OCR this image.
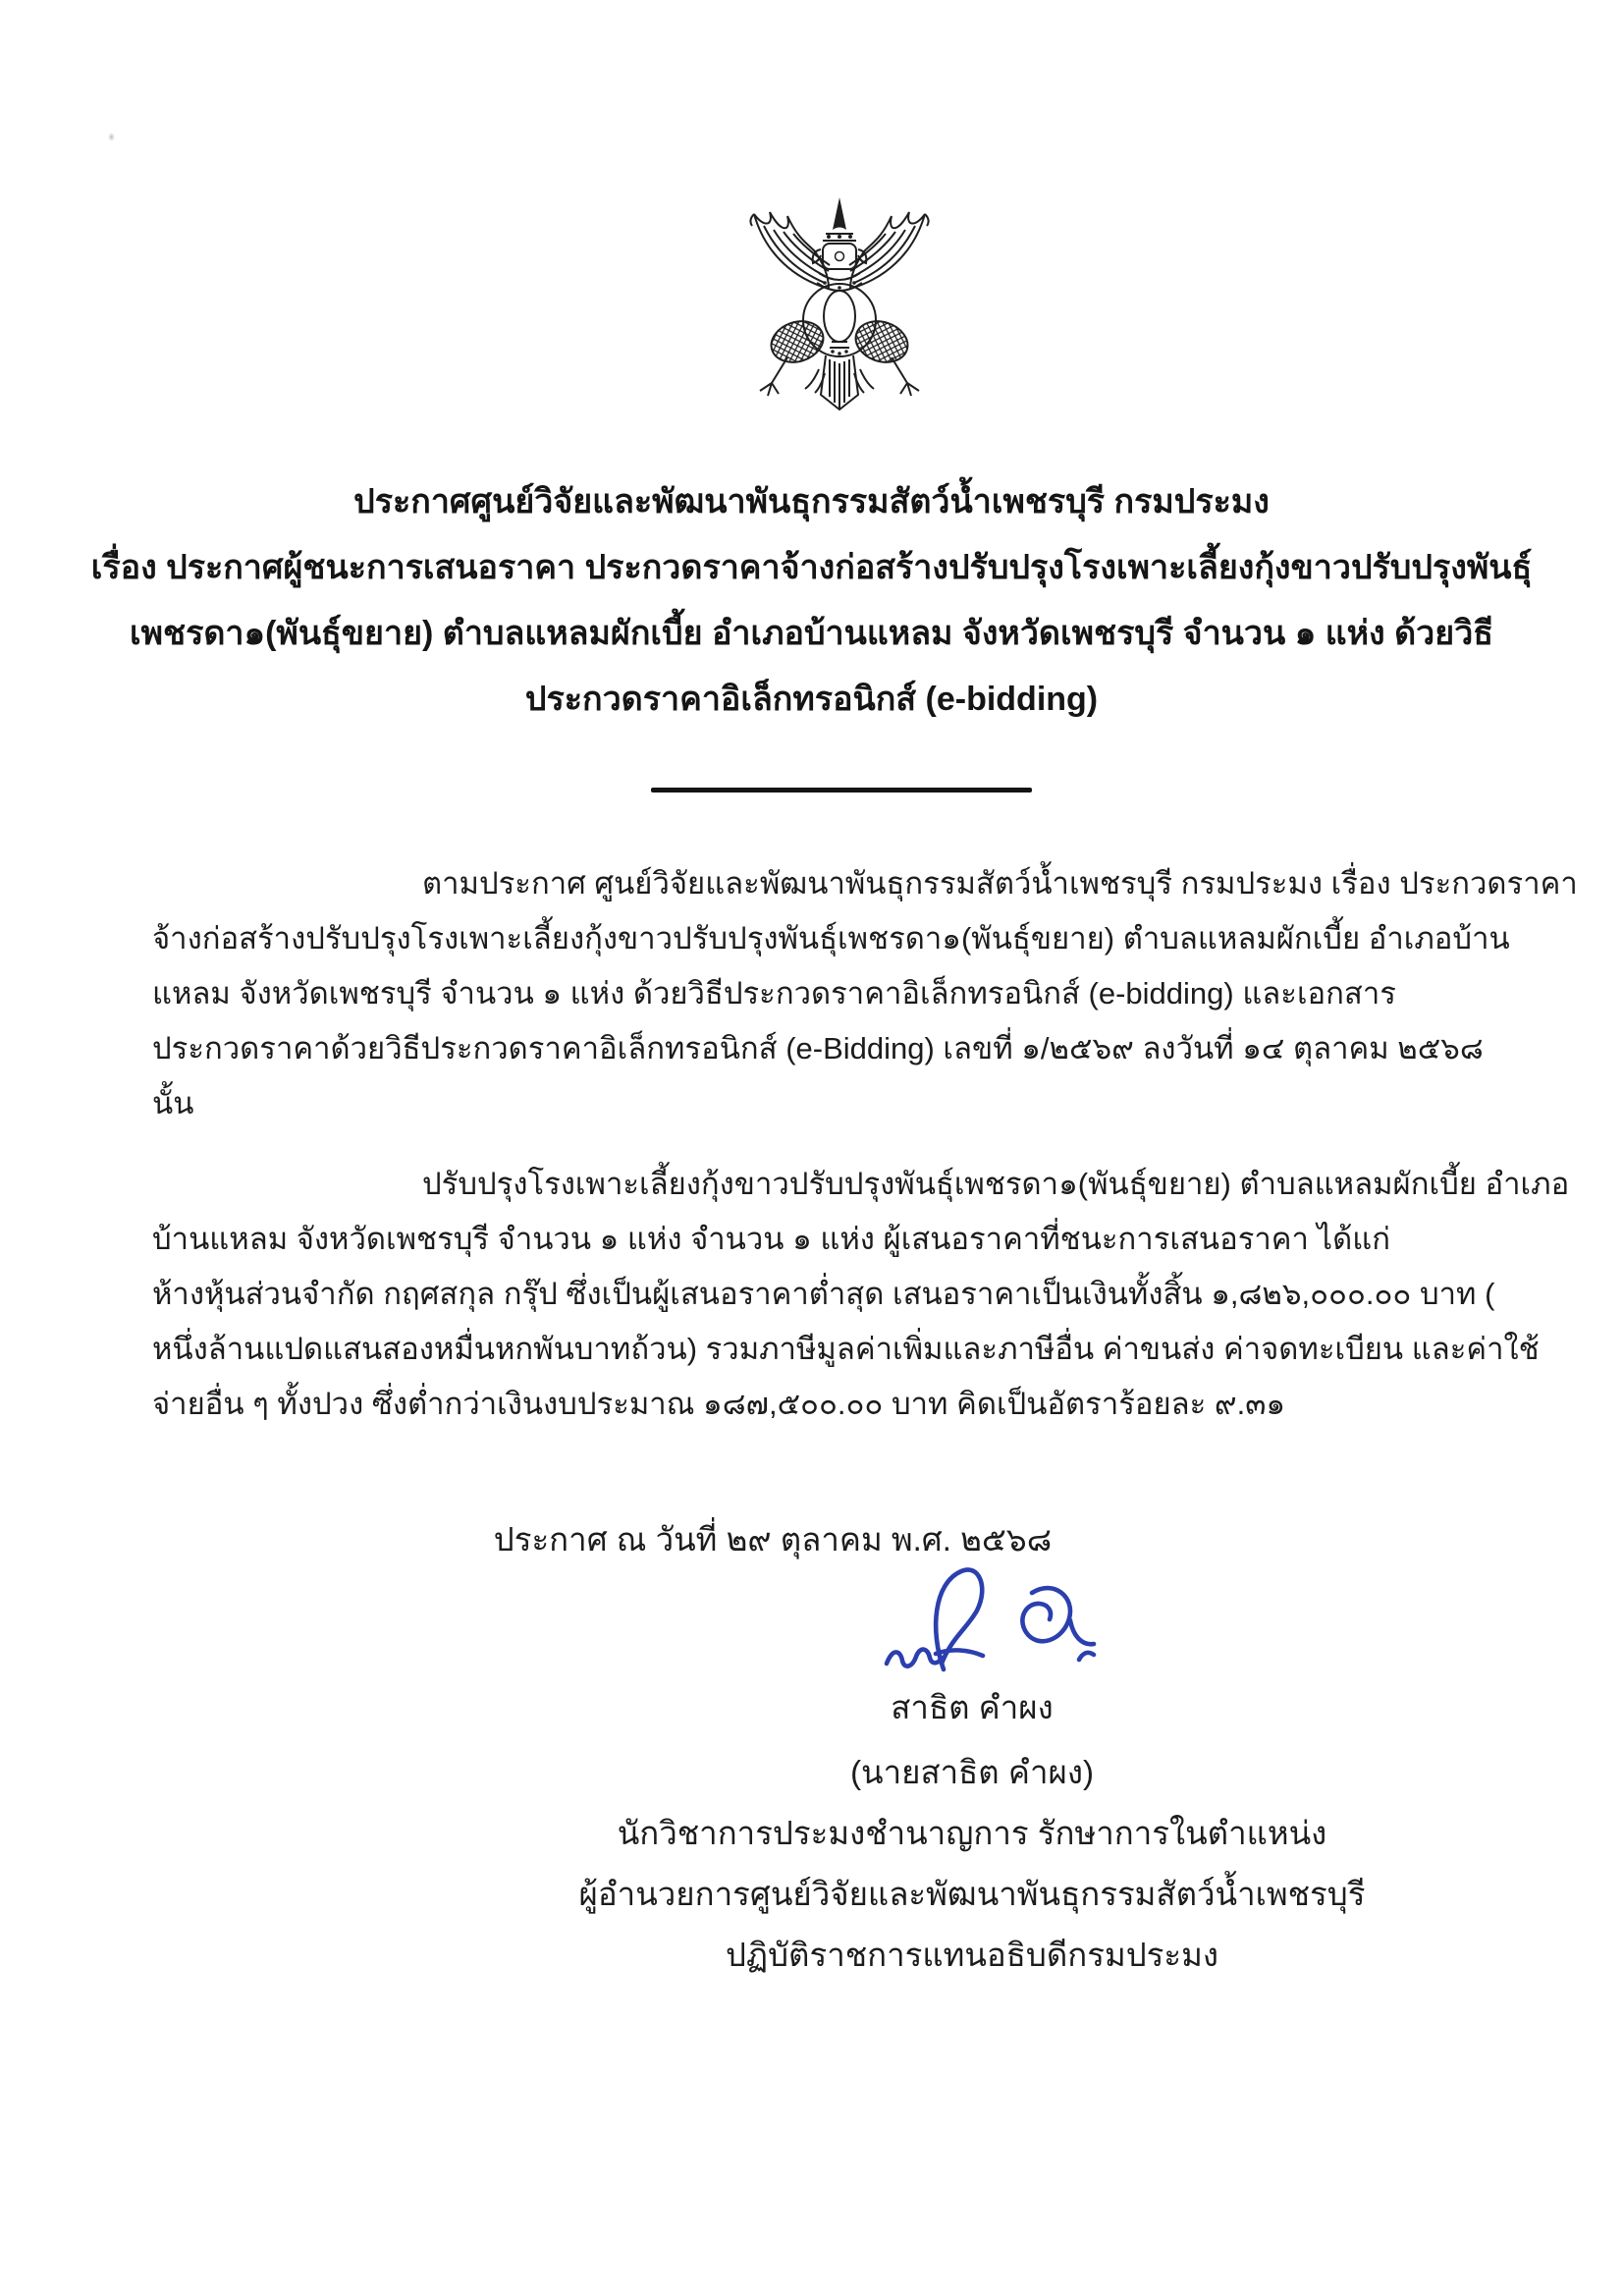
ประกาศศูนย์วิจัยและพัฒนาพันธุกรรมสัตว์น้ำเพชรบุรี กรมประมง
เรื่อง ประกาศผู้ชนะการเสนอราคา ประกวดราคาจ้างก่อสร้างปรับปรุงโรงเพาะเลี้ยงกุ้งขาวปรับปรุงพันธุ์
เพชรดา๑(พันธุ์ขยาย) ตำบลแหลมผักเบี้ย อำเภอบ้านแหลม จังหวัดเพชรบุรี จำนวน ๑ แห่ง ด้วยวิธี
ประกวดราคาอิเล็กทรอนิกส์ (e-bidding)
ตามประกาศ ศูนย์วิจัยและพัฒนาพันธุกรรมสัตว์น้ำเพชรบุรี กรมประมง เรื่อง ประกวดราคา
จ้างก่อสร้างปรับปรุงโรงเพาะเลี้ยงกุ้งขาวปรับปรุงพันธุ์เพชรดา๑(พันธุ์ขยาย) ตำบลแหลมผักเบี้ย อำเภอบ้าน
แหลม จังหวัดเพชรบุรี จำนวน ๑ แห่ง ด้วยวิธีประกวดราคาอิเล็กทรอนิกส์ (e-bidding) และเอกสาร
ประกวดราคาด้วยวิธีประกวดราคาอิเล็กทรอนิกส์ (e-Bidding) เลขที่ ๑/๒๕๖๙ ลงวันที่ ๑๔ ตุลาคม ๒๕๖๘
นั้น
ปรับปรุงโรงเพาะเลี้ยงกุ้งขาวปรับปรุงพันธุ์เพชรดา๑(พันธุ์ขยาย) ตำบลแหลมผักเบี้ย อำเภอ
บ้านแหลม จังหวัดเพชรบุรี จำนวน ๑ แห่ง จำนวน ๑ แห่ง ผู้เสนอราคาที่ชนะการเสนอราคา ได้แก่
ห้างหุ้นส่วนจำกัด กฤศสกุล กรุ๊ป ซึ่งเป็นผู้เสนอราคาต่ำสุด เสนอราคาเป็นเงินทั้งสิ้น ๑,๘๒๖,๐๐๐.๐๐ บาท (
หนึ่งล้านแปดแสนสองหมื่นหกพันบาทถ้วน) รวมภาษีมูลค่าเพิ่มและภาษีอื่น ค่าขนส่ง ค่าจดทะเบียน และค่าใช้
จ่ายอื่น ๆ ทั้งปวง ซึ่งต่ำกว่าเงินงบประมาณ ๑๘๗,๕๐๐.๐๐ บาท คิดเป็นอัตราร้อยละ ๙.๓๑
ประกาศ ณ วันที่ ๒๙ ตุลาคม พ.ศ. ๒๕๖๘
สาธิต คำผง
(นายสาธิต คำผง)
นักวิชาการประมงชำนาญการ รักษาการในตำแหน่ง
ผู้อำนวยการศูนย์วิจัยและพัฒนาพันธุกรรมสัตว์น้ำเพชรบุรี
ปฏิบัติราชการแทนอธิบดีกรมประมง
